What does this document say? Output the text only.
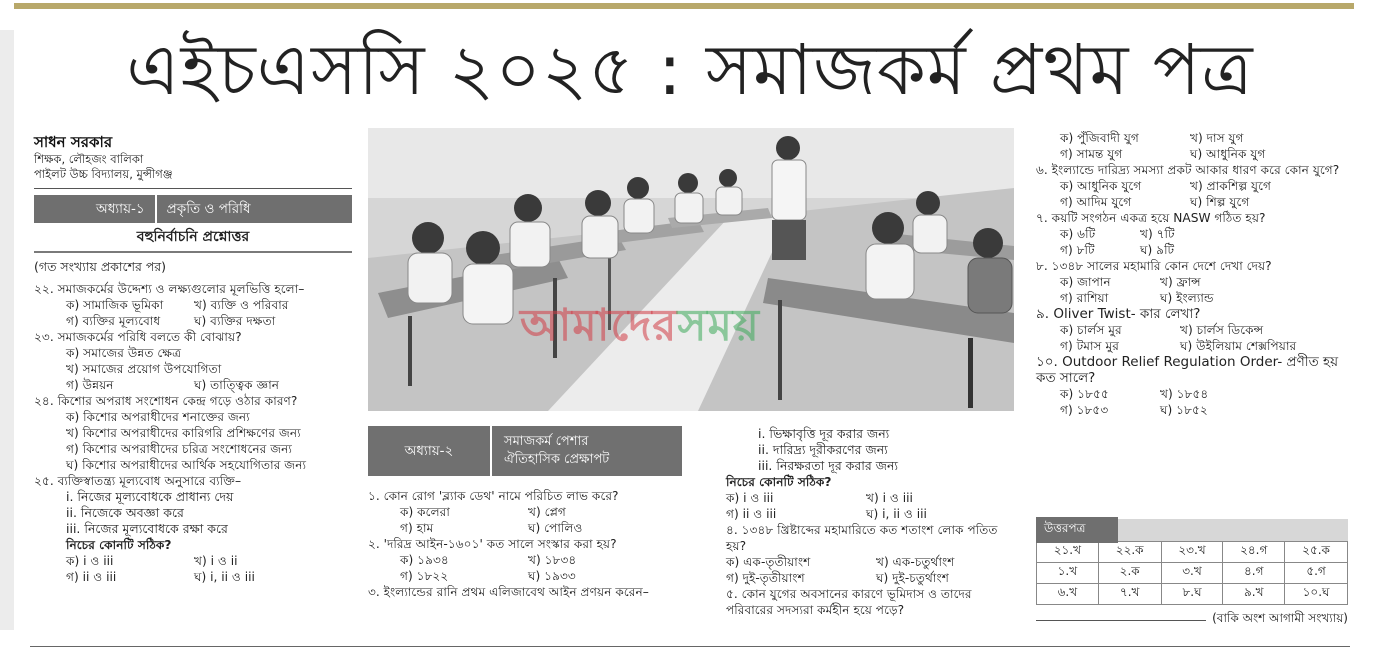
এইচএসসি ২০২৫ : সমাজকর্ম প্রথম পত্র
সাধন সরকার
শিক্ষক, লৌহজং বালিকা
পাইলট উচ্চ বিদ্যালয়, মুন্সীগঞ্জ
অধ্যায়-১	প্রকৃতি ও পরিধি
বহুনির্বাচনি প্রশ্নোত্তর
(গত সংখ্যায় প্রকাশের পর)
২২. সমাজকর্মের উদ্দেশ্য ও লক্ষ্যগুলোর মূলভিত্তি হলো–
ক) সামাজিক ভূমিকা	খ) ব্যক্তি ও পরিবার
গ) ব্যক্তির মূল্যবোধ	ঘ) ব্যক্তির দক্ষতা
২৩. সমাজকর্মের পরিধি বলতে কী বোঝায়?
ক) সমাজের উন্নত ক্ষেত্র
খ) সমাজের প্রয়োগ উপযোগিতা
গ) উন্নয়ন	ঘ) তাত্ত্বিক জ্ঞান
২৪. কিশোর অপরাধ সংশোধন কেন্দ্র গড়ে ওঠার কারণ?
ক) কিশোর অপরাধীদের শনাক্তের জন্য
খ) কিশোর অপরাধীদের কারিগরি প্রশিক্ষণের জন্য
গ) কিশোর অপরাধীদের চরিত্র সংশোধনের জন্য
ঘ) কিশোর অপরাধীদের আর্থিক সহযোগিতার জন্য
২৫. ব্যক্তিস্বাতন্ত্র্য মূল্যবোধ অনুসারে ব্যক্তি–
i. নিজের মূল্যবোধকে প্রাধান্য দেয়
ii. নিজেকে অবজ্ঞা করে
iii. নিজের মূল্যবোধকে রক্ষা করে
নিচের কোনটি সঠিক?
ক) i ও iii	খ) i ও ii
গ) ii ও iii	ঘ) i, ii ও iii
আমাদেরসময়
অধ্যায়-২
সমাজকর্ম পেশার
ঐতিহাসিক প্রেক্ষাপট
১. কোন রোগ 'ব্ল্যাক ডেথ' নামে পরিচিত লাভ করে?
ক) কলেরা	খ) প্লেগ
গ) হাম	ঘ) পোলিও
২. 'দরিদ্র আইন-১৬০১' কত সালে সংস্কার করা হয়?
ক) ১৯৩৪	খ) ১৮৩৪
গ) ১৮২২	ঘ) ১৯৩৩
৩. ইংল্যান্ডের রানি প্রথম এলিজাবেথ আইন প্রণয়ন করেন–
i. ভিক্ষাবৃত্তি দূর করার জন্য
ii. দারিদ্র্য দূরীকরণের জন্য
iii. নিরক্ষরতা দূর করার জন্য
নিচের কোনটি সঠিক?
ক) i ও iii	খ) i ও iii
গ) ii ও iii	ঘ) i, ii ও iii
৪. ১৩৪৮ খ্রিষ্টাব্দের মহামারিতে কত শতাংশ লোক পতিত হয়?
ক) এক-তৃতীয়াংশ	খ) এক-চতুর্থাংশ
গ) দুই-তৃতীয়াংশ	ঘ) দুই-চতুর্থাংশ
৫. কোন যুগের অবসানের কারণে ভূমিদাস ও তাদের পরিবারের সদস্যরা কর্মহীন হয়ে পড়ে?
ক) পুঁজিবাদী যুগ	খ) দাস যুগ
গ) সামন্ত যুগ	ঘ) আধুনিক যুগ
৬. ইংল্যান্ডে দারিদ্র্য সমস্যা প্রকট আকার ধারণ করে কোন যুগে?
ক) আধুনিক যুগে	খ) প্রাকশিল্প যুগে
গ) আদিম যুগে	ঘ) শিল্প যুগে
৭. কয়টি সংগঠন একত্র হয়ে NASW গঠিত হয়?
ক) ৬টি	খ) ৭টি
গ) ৮টি	ঘ) ৯টি
৮. ১৩৪৮ সালের মহামারি কোন দেশে দেখা দেয়?
ক) জাপান	খ) ফ্রান্স
গ) রাশিয়া	ঘ) ইংল্যান্ড
৯. Oliver Twist- কার লেখা?
ক) চার্লস মুর	খ) চার্লস ডিকেন্স
গ) টমাস মুর	ঘ) উইলিয়াম শেক্সপিয়ার
১০. Outdoor Relief Regulation Order- প্রণীত হয় কত সালে?
ক) ১৮৫৫	খ) ১৮৫৪
গ) ১৮৫৩	ঘ) ১৮৫২
উত্তরপত্র
২১.খ	২২.ক	২৩.খ	২৪.গ	২৫.ক
১.খ	২.ক	৩.খ	৪.গ	৫.গ
৬.খ	৭.খ	৮.ঘ	৯.খ	১০.ঘ
(বাকি অংশ আগামী সংখ্যায়)
